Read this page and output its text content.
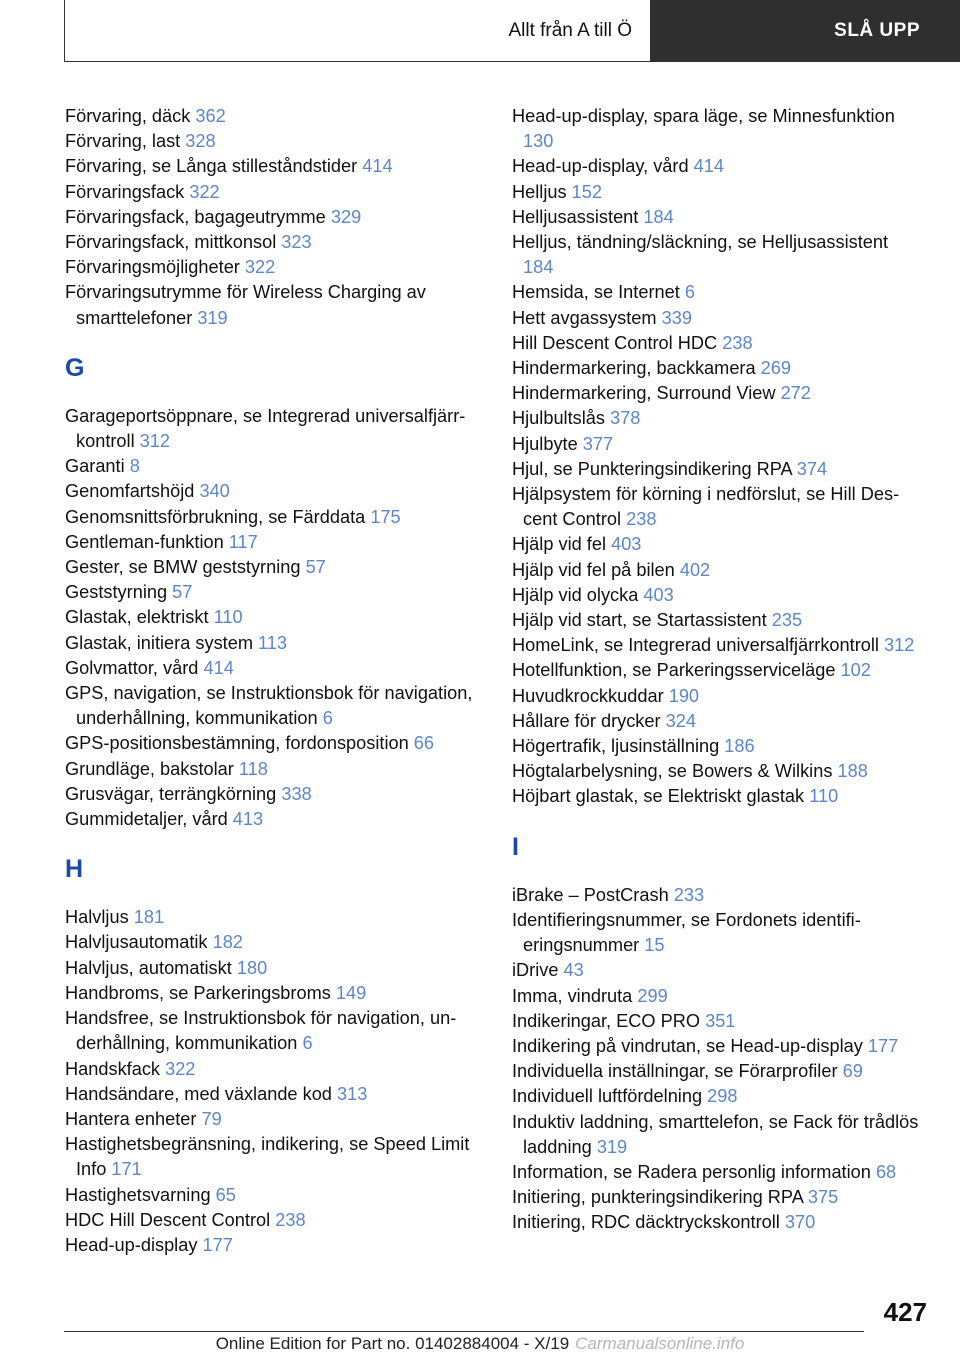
Allt från A till Ö	SLÅ UPP
Förvaring, däck 362
Förvaring, last 328
Förvaring, se Långa stilleståndstider 414
Förvaringsfack 322
Förvaringsfack, bagageutrymme 329
Förvaringsfack, mittkonsol 323
Förvaringsmöjligheter 322
Förvaringsutrymme för Wireless Charging av smarttelefoner 319
G
Garageportsöppnare, se Integrerad universalfjärrkontroll 312
Garanti 8
Genomfartshöjd 340
Genomsnittsförbrukning, se Färddata 175
Gentleman-funktion 117
Gester, se BMW geststyrning 57
Geststyrning 57
Glastak, elektriskt 110
Glastak, initiera system 113
Golvmattor, vård 414
GPS, navigation, se Instruktionsbok för navigation, underhållning, kommunikation 6
GPS-positionsbestämning, fordonsposition 66
Grundläge, bakstolar 118
Grusvägar, terrängkörning 338
Gummidetaljer, vård 413
H
Halvljus 181
Halvljusautomatik 182
Halvljus, automatiskt 180
Handbroms, se Parkeringsbroms 149
Handsfree, se Instruktionsbok för navigation, underhållning, kommunikation 6
Handskfack 322
Handsändare, med växlande kod 313
Hantera enheter 79
Hastighetsbegränsning, indikering, se Speed Limit Info 171
Hastighetsvarning 65
HDC Hill Descent Control 238
Head-up-display 177
Head-up-display, spara läge, se Minnesfunktion 130
Head-up-display, vård 414
Helljus 152
Helljusassistent 184
Helljus, tändning/släckning, se Helljusassistent 184
Hemsida, se Internet 6
Hett avgassystem 339
Hill Descent Control HDC 238
Hindermarkering, backkamera 269
Hindermarkering, Surround View 272
Hjulbultslås 378
Hjulbyte 377
Hjul, se Punkteringsindikering RPA 374
Hjälpsystem för körning i nedförslut, se Hill Descent Control 238
Hjälp vid fel 403
Hjälp vid fel på bilen 402
Hjälp vid olycka 403
Hjälp vid start, se Startassistent 235
HomeLink, se Integrerad universalfjärrkontroll 312
Hotellfunktion, se Parkeringsserviceläge 102
Huvudkrockkuddar 190
Hållare för drycker 324
Högertrafik, ljusinställning 186
Högtalarbelysning, se Bowers & Wilkins 188
Höjbart glastak, se Elektriskt glastak 110
I
iBrake – PostCrash 233
Identifieringsnummer, se Fordonets identifieringsnummer 15
iDrive 43
Imma, vindruta 299
Indikeringar, ECO PRO 351
Indikering på vindrutan, se Head-up-display 177
Individuella inställningar, se Förarprofiler 69
Individuell luftfördelning 298
Induktiv laddning, smarttelefon, se Fack för trådlös laddning 319
Information, se Radera personlig information 68
Initiering, punkteringsindikering RPA 375
Initiering, RDC däcktryckskontroll 370
427
Online Edition for Part no. 01402884004 - X/19 Carmanualsonline.info
